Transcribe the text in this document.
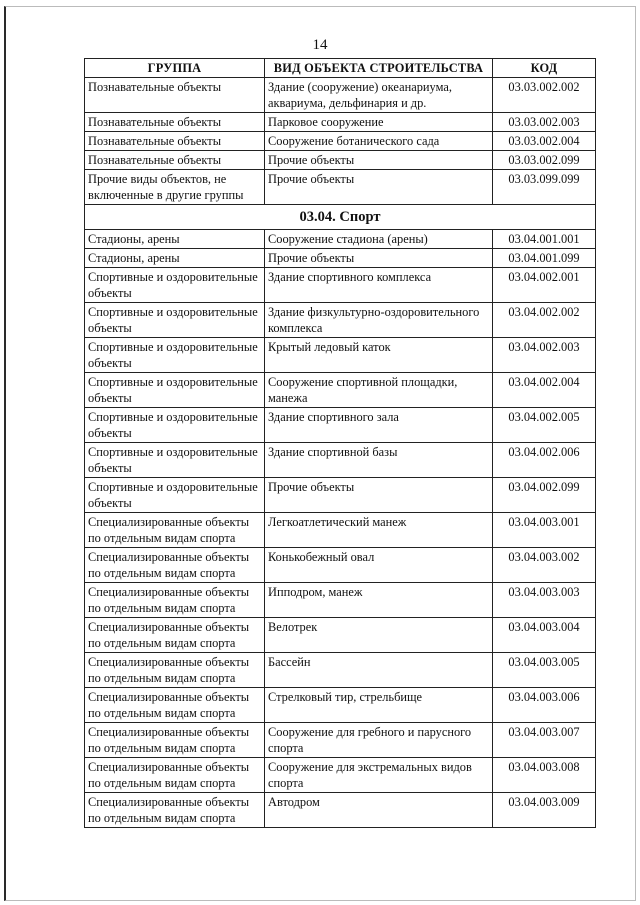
14
ГРУППА	ВИД ОБЪЕКТА СТРОИТЕЛЬСТВА	КОД
Познавательные объекты	Здание (сооружение) океанариума, аквариума, дельфинария и др.	03.03.002.002
Познавательные объекты	Парковое сооружение	03.03.002.003
Познавательные объекты	Сооружение ботанического сада	03.03.002.004
Познавательные объекты	Прочие объекты	03.03.002.099
Прочие виды объектов, не включенные в другие группы	Прочие объекты	03.03.099.099
03.04. Спорт		
Стадионы, арены	Сооружение стадиона (арены)	03.04.001.001
Стадионы, арены	Прочие объекты	03.04.001.099
Спортивные и оздоровительные объекты	Здание спортивного комплекса	03.04.002.001
Спортивные и оздоровительные объекты	Здание физкультурно-оздоровительного комплекса	03.04.002.002
Спортивные и оздоровительные объекты	Крытый ледовый каток	03.04.002.003
Спортивные и оздоровительные объекты	Сооружение спортивной площадки, манежа	03.04.002.004
Спортивные и оздоровительные объекты	Здание спортивного зала	03.04.002.005
Спортивные и оздоровительные объекты	Здание спортивной базы	03.04.002.006
Спортивные и оздоровительные объекты	Прочие объекты	03.04.002.099
Специализированные объекты по отдельным видам спорта	Легкоатлетический манеж	03.04.003.001
Специализированные объекты по отдельным видам спорта	Конькобежный овал	03.04.003.002
Специализированные объекты по отдельным видам спорта	Ипподром, манеж	03.04.003.003
Специализированные объекты по отдельным видам спорта	Велотрек	03.04.003.004
Специализированные объекты по отдельным видам спорта	Бассейн	03.04.003.005
Специализированные объекты по отдельным видам спорта	Стрелковый тир, стрельбище	03.04.003.006
Специализированные объекты по отдельным видам спорта	Сооружение для гребного и парусного спорта	03.04.003.007
Специализированные объекты по отдельным видам спорта	Сооружение для экстремальных видов спорта	03.04.003.008
Специализированные объекты по отдельным видам спорта	Автодром	03.04.003.009
